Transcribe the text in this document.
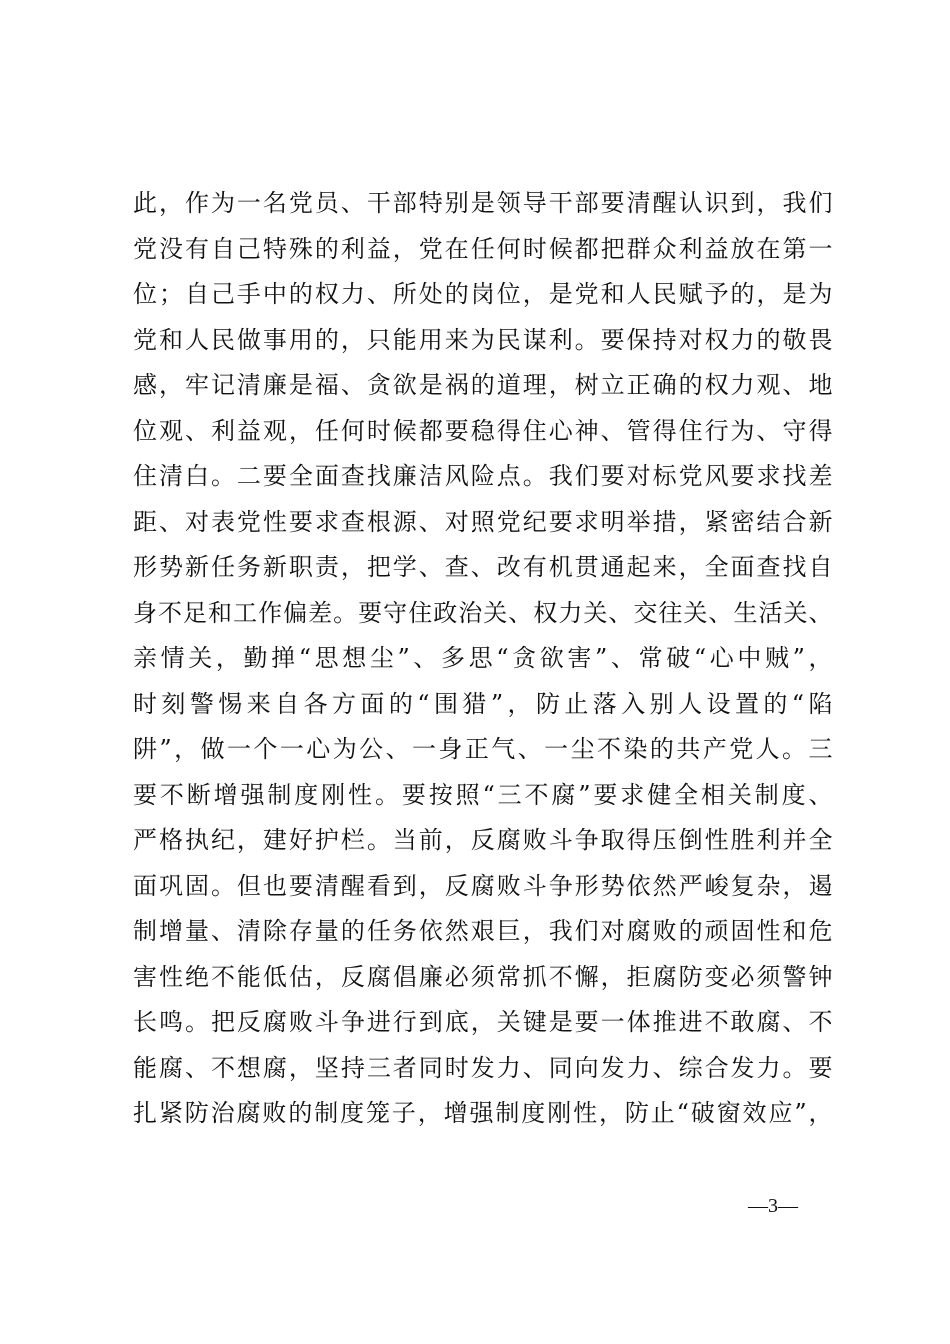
此，作为一名党员、干部特别是领导干部要清醒认识到，我们
党没有自己特殊的利益，党在任何时候都把群众利益放在第一
位；自己手中的权力、所处的岗位，是党和人民赋予的，是为
党和人民做事用的，只能用来为民谋利。要保持对权力的敬畏
感，牢记清廉是福、贪欲是祸的道理，树立正确的权力观、地
位观、利益观，任何时候都要稳得住心神、管得住行为、守得
住清白。二要全面查找廉洁风险点。我们要对标党风要求找差
距、对表党性要求查根源、对照党纪要求明举措，紧密结合新
形势新任务新职责，把学、查、改有机贯通起来，全面查找自
身不足和工作偏差。要守住政治关、权力关、交往关、生活关、
亲情关，勤掸“思想尘”、多思“贪欲害”、常破“心中贼”，
时刻警惕来自各方面的“围猎”，防止落入别人设置的“陷
阱”，做一个一心为公、一身正气、一尘不染的共产党人。三
要不断增强制度刚性。要按照“三不腐”要求健全相关制度、
严格执纪，建好护栏。当前，反腐败斗争取得压倒性胜利并全
面巩固。但也要清醒看到，反腐败斗争形势依然严峻复杂，遏
制增量、清除存量的任务依然艰巨，我们对腐败的顽固性和危
害性绝不能低估，反腐倡廉必须常抓不懈，拒腐防变必须警钟
长鸣。把反腐败斗争进行到底，关键是要一体推进不敢腐、不
能腐、不想腐，坚持三者同时发力、同向发力、综合发力。要
扎紧防治腐败的制度笼子，增强制度刚性，防止“破窗效应”，
—3—
